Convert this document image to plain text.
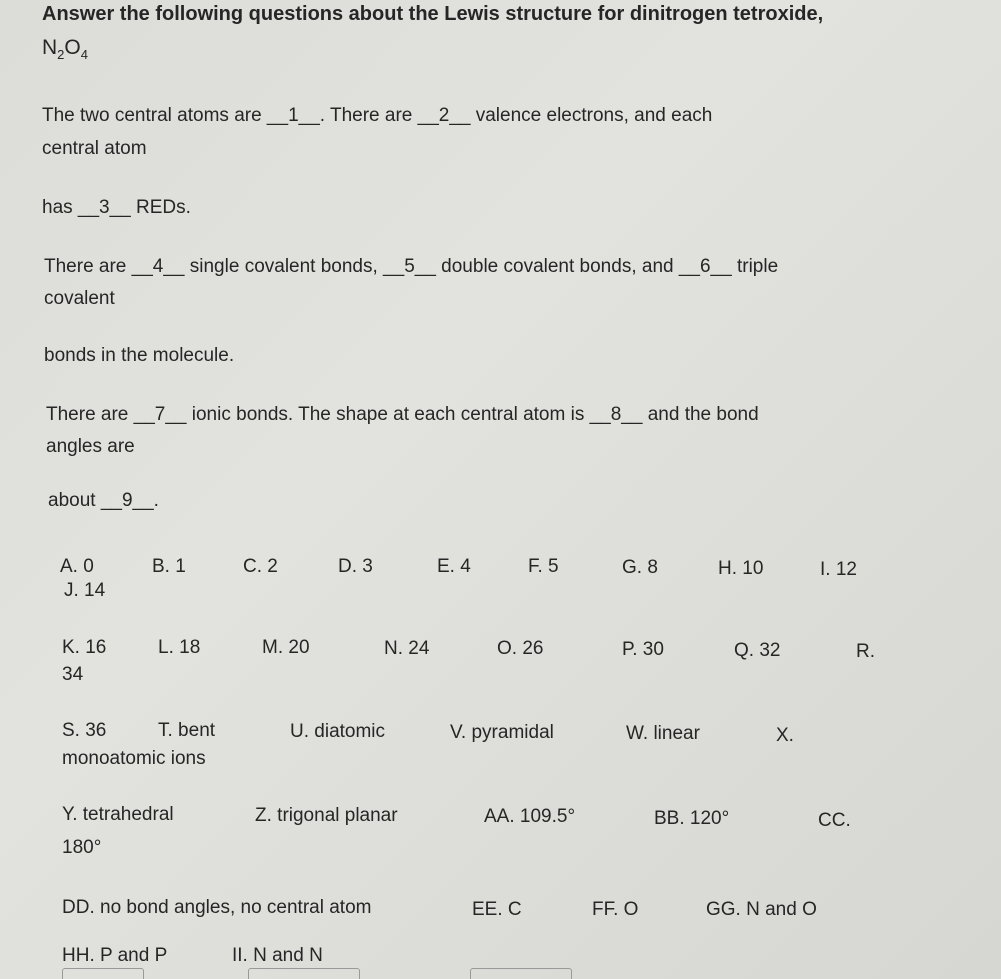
Answer the following questions about the Lewis structure for dinitrogen tetroxide,
$N_2O_4$
The two central atoms are __1__. There are __2__ valence electrons, and each
central atom
has __3__ REDs.
There are __4__ single covalent bonds, __5__ double covalent bonds, and __6__ triple
covalent
bonds in the molecule.
There are __7__ ionic bonds. The shape at each central atom is __8__ and the bond
angles are
about __9__.
A. 0	B. 1	C. 2	D. 3	E. 4	F. 5	G. 8	H. 10	I. 12
J. 14
K. 16	L. 18	M. 20	N. 24	O. 26	P. 30	Q. 32	R.
34
S. 36	T. bent	U. diatomic	V. pyramidal	W. linear	X.
monoatomic ions
Y. tetrahedral	Z. trigonal planar	AA. 109.5°	BB. 120°	CC.
180°
DD. no bond angles, no central atom	EE. C	FF. O	GG. N and O
HH. P and P	II. N and N
